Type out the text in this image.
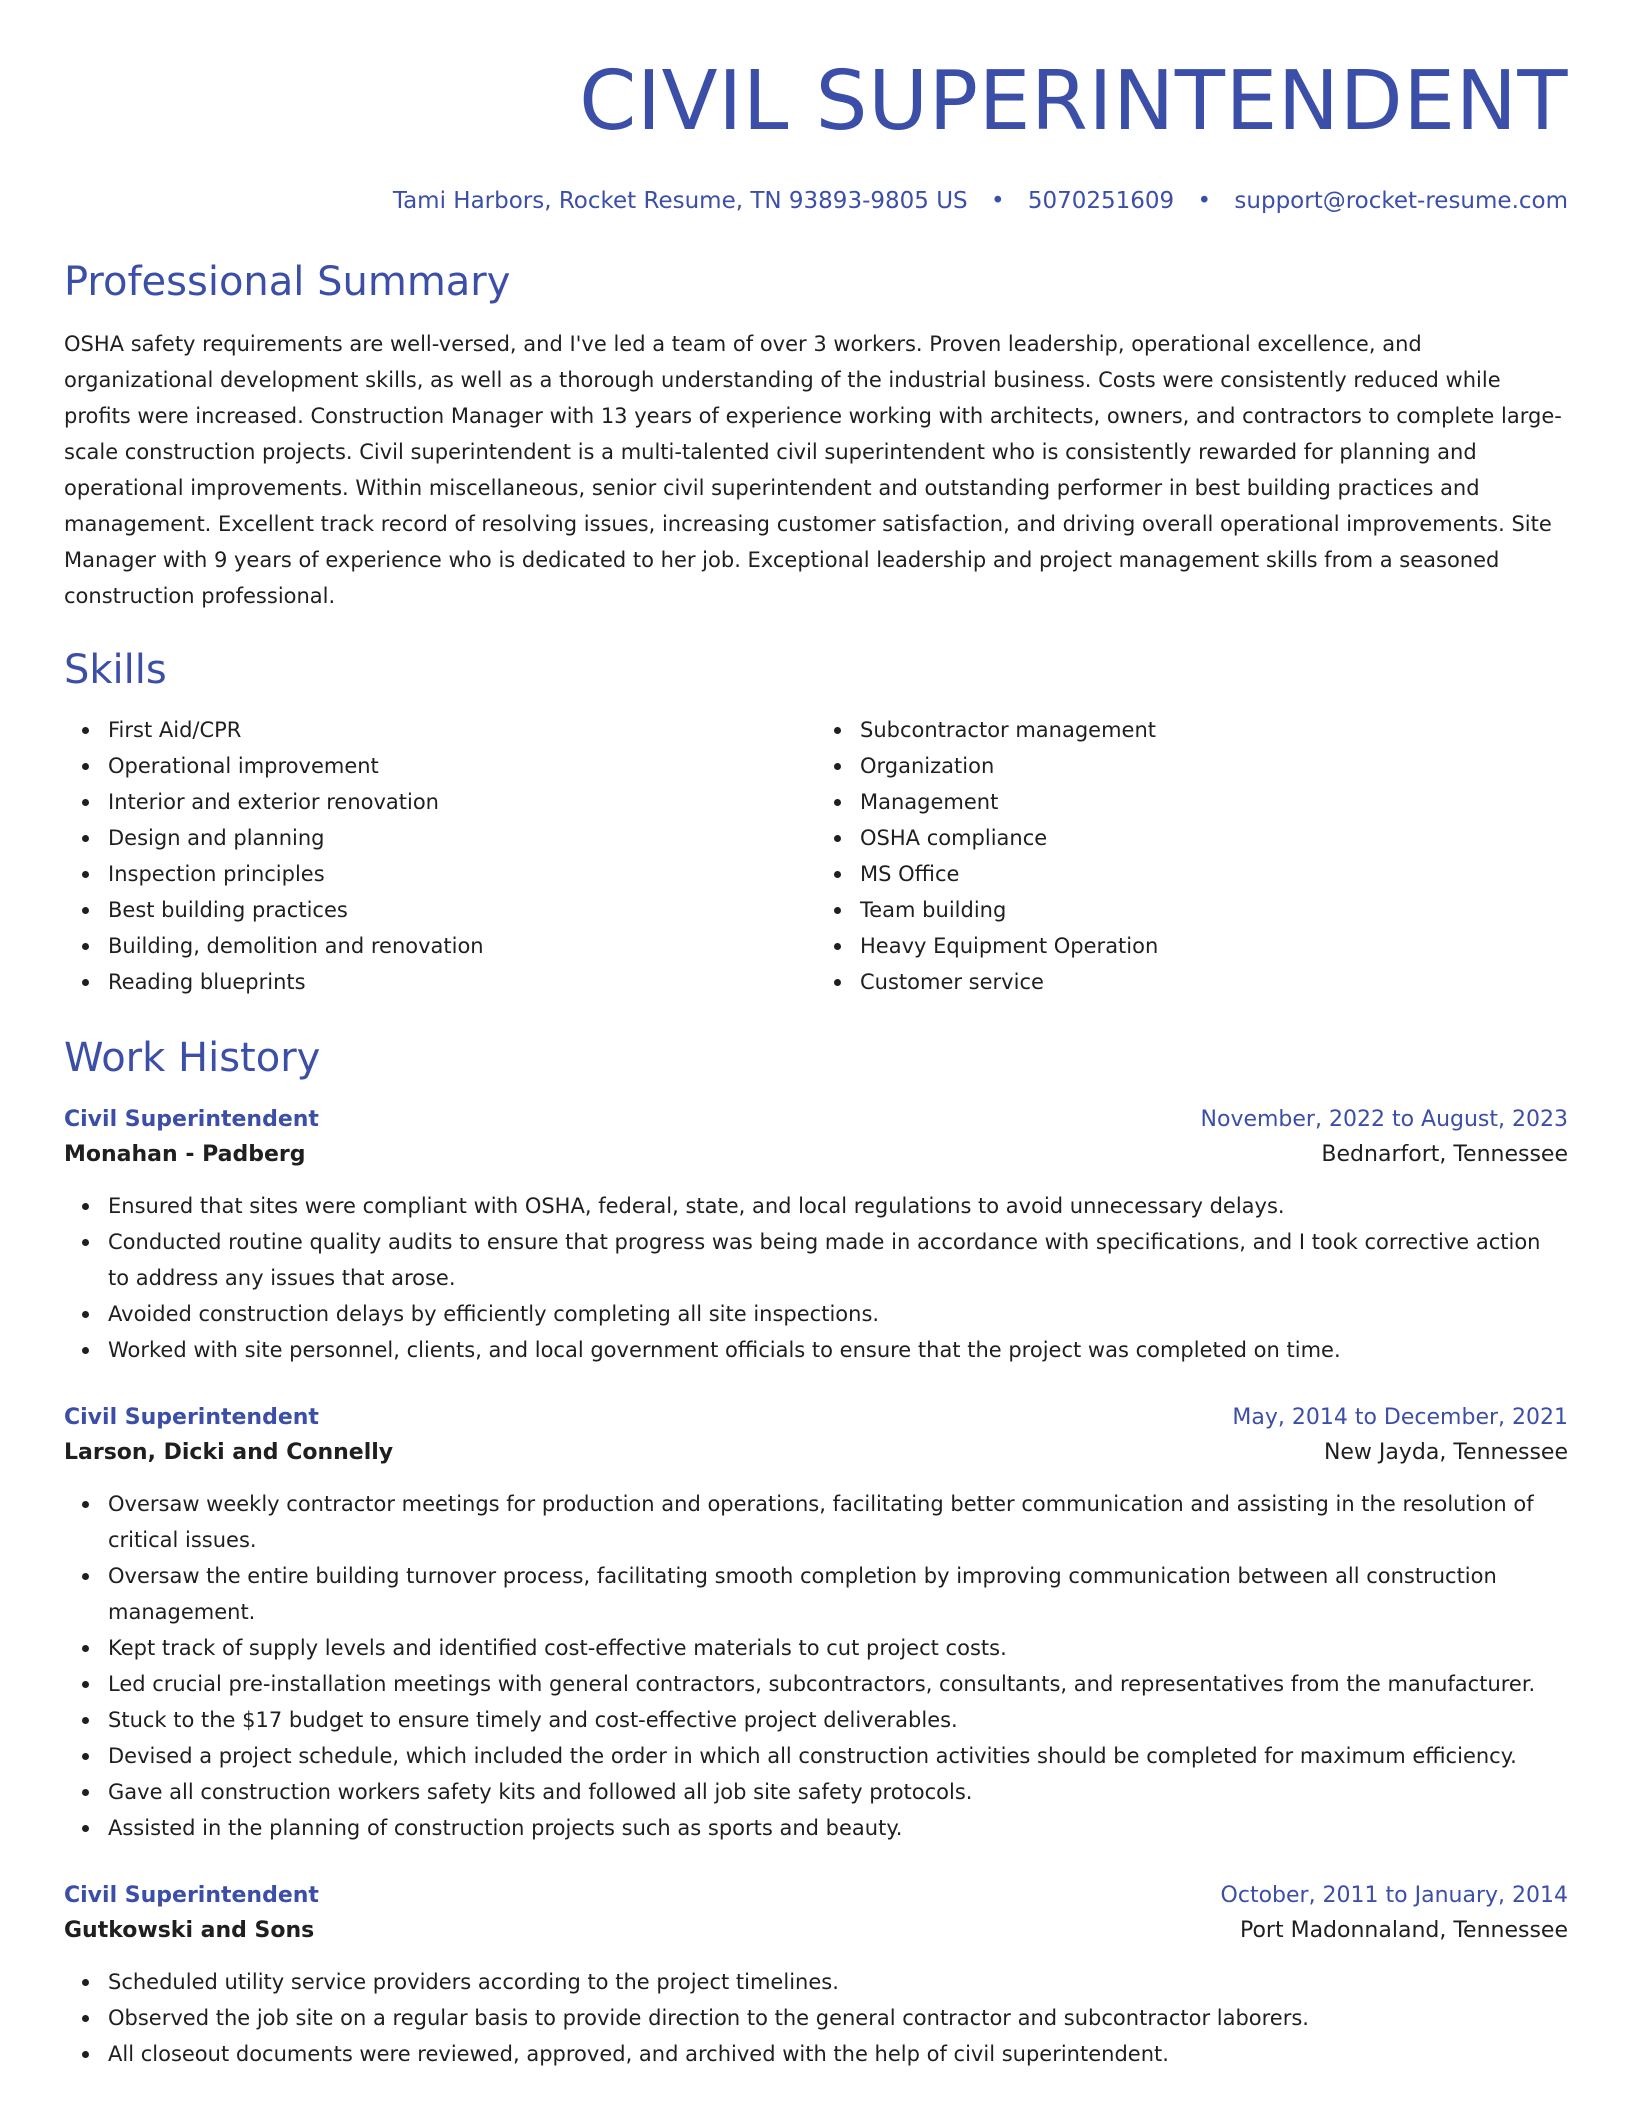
CIVIL SUPERINTENDENT
Tami Harbors, Rocket Resume, TN 93893-9805 US • 5070251609 • support@rocket-resume.com
Professional Summary

OSHA safety requirements are well-versed, and I've led a team of over 3 workers. Proven leadership, operational excellence, and organizational development skills, as well as a thorough understanding of the industrial business. Costs were consistently reduced while profits were increased. Construction Manager with 13 years of experience working with architects, owners, and contractors to complete large-scale construction projects. Civil superintendent is a multi-talented civil superintendent who is consistently rewarded for planning and operational improvements. Within miscellaneous, senior civil superintendent and outstanding performer in best building practices and management. Excellent track record of resolving issues, increasing customer satisfaction, and driving overall operational improvements. Site Manager with 9 years of experience who is dedicated to her job. Exceptional leadership and project management skills from a seasoned construction professional.

Skills
First Aid/CPR
Operational improvement
Interior and exterior renovation
Design and planning
Inspection principles
Best building practices
Building, demolition and renovation
Reading blueprints
Subcontractor management
Organization
Management
OSHA compliance
MS Office
Team building
Heavy Equipment Operation
Customer service
Work History
Civil Superintendent	November, 2022 to August, 2023
Monahan - Padberg	Bednarfort, Tennessee
Ensured that sites were compliant with OSHA, federal, state, and local regulations to avoid unnecessary delays.
Conducted routine quality audits to ensure that progress was being made in accordance with specifications, and I took corrective action to address any issues that arose.
Avoided construction delays by efficiently completing all site inspections.
Worked with site personnel, clients, and local government officials to ensure that the project was completed on time.
Civil Superintendent	May, 2014 to December, 2021
Larson, Dicki and Connelly	New Jayda, Tennessee
Oversaw weekly contractor meetings for production and operations, facilitating better communication and assisting in the resolution of critical issues.
Oversaw the entire building turnover process, facilitating smooth completion by improving communication between all construction management.
Kept track of supply levels and identified cost-effective materials to cut project costs.
Led crucial pre-installation meetings with general contractors, subcontractors, consultants, and representatives from the manufacturer.
Stuck to the $17 budget to ensure timely and cost-effective project deliverables.
Devised a project schedule, which included the order in which all construction activities should be completed for maximum efficiency.
Gave all construction workers safety kits and followed all job site safety protocols.
Assisted in the planning of construction projects such as sports and beauty.
Civil Superintendent	October, 2011 to January, 2014
Gutkowski and Sons	Port Madonnaland, Tennessee
Scheduled utility service providers according to the project timelines.
Observed the job site on a regular basis to provide direction to the general contractor and subcontractor laborers.
All closeout documents were reviewed, approved, and archived with the help of civil superintendent.
